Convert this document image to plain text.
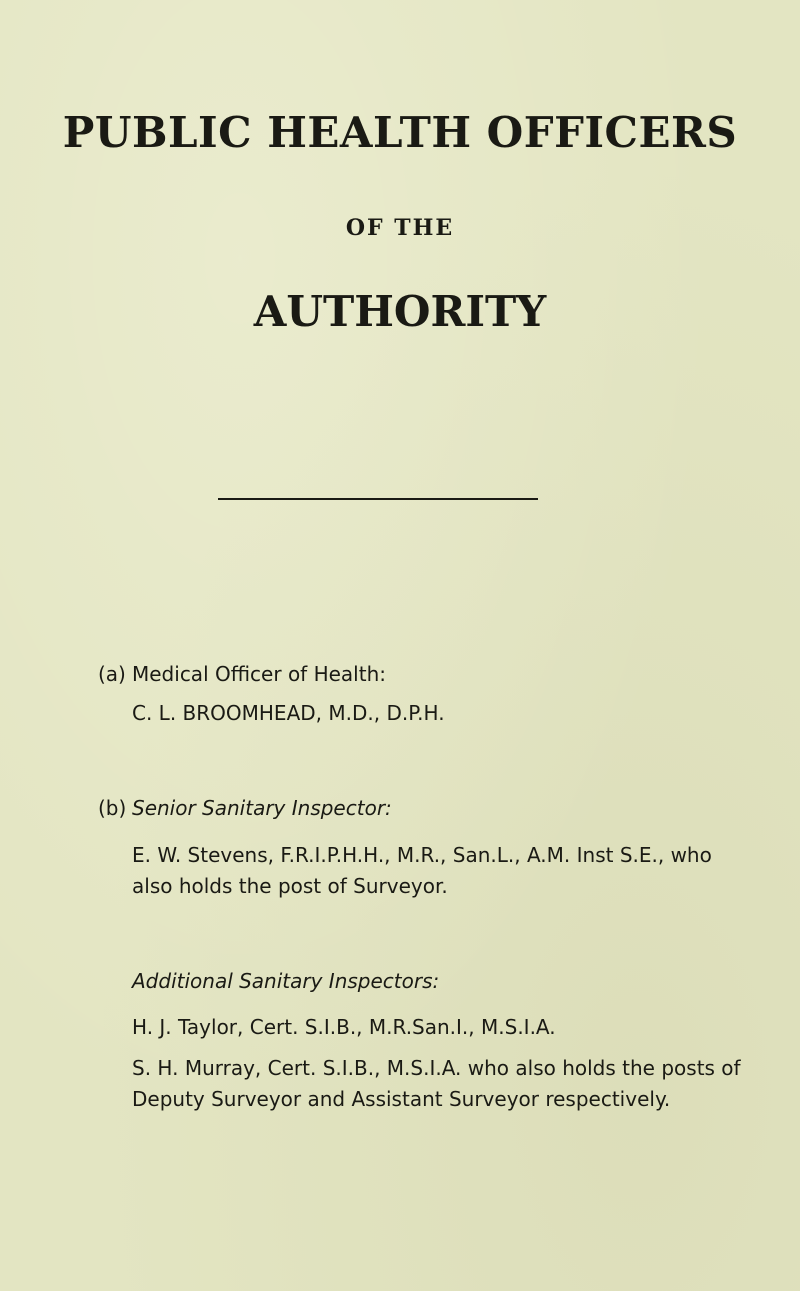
PUBLIC HEALTH OFFICERS
OF THE
AUTHORITY
(a) Medical Officer of Health:
C. L. BROOMHEAD, M.D., D.P.H.
(b) Senior Sanitary Inspector:
E. W. Stevens, F.R.I.P.H.H., M.R., San.L., A.M. Inst S.E., who
also holds the post of Surveyor.
Additional Sanitary Inspectors:
H. J. Taylor, Cert. S.I.B., M.R.San.I., M.S.I.A.
S. H. Murray, Cert. S.I.B., M.S.I.A. who also holds the posts of
Deputy Surveyor and Assistant Surveyor respectively.
